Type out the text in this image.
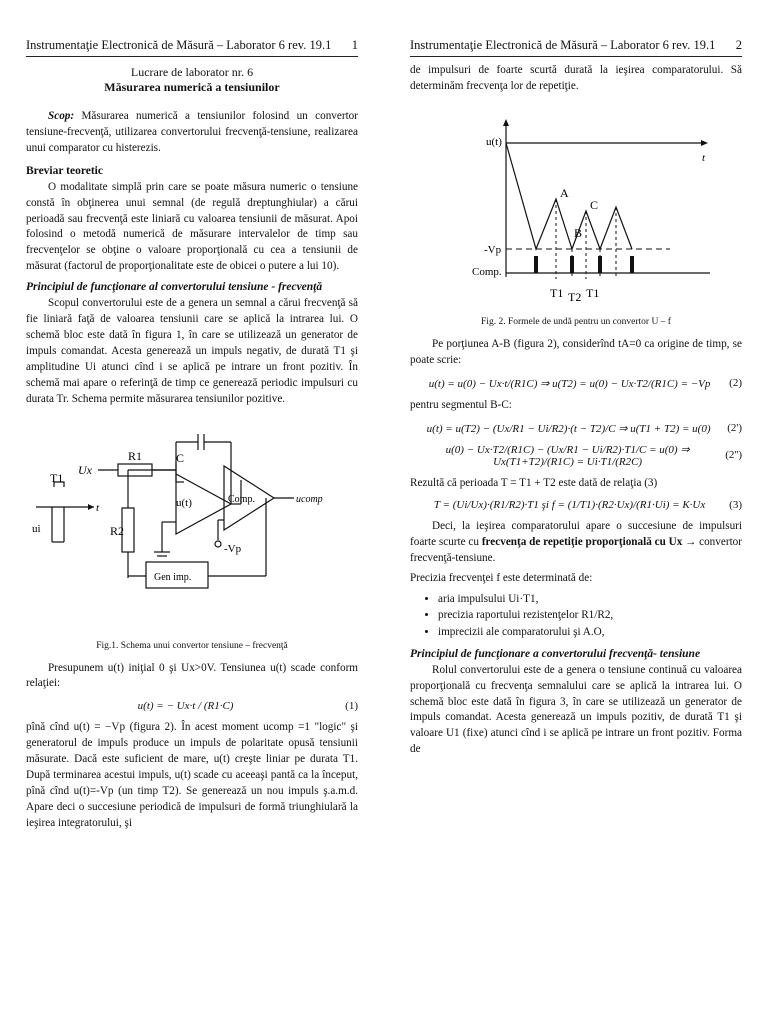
Instrumentaţie Electronică de Măsură – Laborator 6 rev. 19.1 1
Lucrare de laborator nr. 6
Măsurarea numerică a tensiunilor

Scop: Măsurarea numerică a tensiunilor folosind un convertor tensiune-frecvenţă, utilizarea convertorului frecvenţă-tensiune, realizarea unui comparator cu histerezis.

Breviar teoretic

O modalitate simplă prin care se poate măsura numeric o tensiune constă în obţinerea unui semnal (de regulă dreptunghiular) a cărui perioadă sau frecvenţă este liniară cu valoarea tensiunii de măsurat. Apoi folosind o metodă numerică de măsurare intervalelor de timp sau frecvenţelor se obţine o valoare proporţională cu cea a tensiunii de măsurat (factorul de proporţionalitate este de obicei o putere a lui 10).

Principiul de funcţionare al convertorului tensiune - frecvenţă

Scopul convertorului este de a genera un semnal a cărui frecvenţă să fie liniară faţă de valoarea tensiunii care se aplică la intrarea lui. O schemă bloc este dată în figura 1, în care se utilizează un generator de impuls comandat. Acesta generează un impuls negativ, de durată T1 şi amplitudine Ui atunci cînd i se aplică pe intrare un front pozitiv. În schemă mai apare o referinţă de timp ce generează periodic impulsuri cu durata Tr. Schema permite măsurarea tensiunilor pozitive.

Ux
R1	C
R2
T1
t
ui
u(t)	Comp.	ucomp
-Vp
Gen imp.
Fig.1. Schema unui convertor tensiune – frecvenţă

Presupunem u(t) iniţial 0 şi Ux>0V. Tensiunea u(t) scade conform relaţiei:

u(t) = − Ux·t / (R1·C)	(1)

pînă cînd u(t) = −Vp (figura 2). În acest moment ucomp =1 "logic" şi generatorul de impuls produce un impuls de polaritate opusă tensiunii măsurate. Dacă este suficient de mare, u(t) creşte liniar pe durata T1. După terminarea acestui impuls, u(t) scade cu aceeaşi pantă ca la început, pînă cînd u(t)=-Vp (un timp T2). Se generează un nou impuls ş.a.m.d. Apare deci o succesiune periodică de impulsuri de formă triunghiulară la ieşirea integratorului, şi

Instrumentaţie Electronică de Măsură – Laborator 6 rev. 19.1 2

de impulsuri de foarte scurtă durată la ieşirea comparatorului. Să determinăm frecvenţa lor de repetiţie.

u(t)
t
A
B
C
-Vp
Comp.
T1 T2 T1
Fig. 2. Formele de undă pentru un convertor U – f

Pe porţiunea A-B (figura 2), considerînd tA=0 ca origine de timp, se poate scrie:

u(t) = u(0) − Ux·t/(R1C) ⇒ u(T2) = u(0) − Ux·T2/(R1C) = −Vp	(2)

pentru segmentul B-C:

u(t) = u(T2) − (Ux/R1 − Ui/R2)·(t − T2)/C ⇒ u(T1 + T2) = u(0)	(2')
u(0) − Ux·T2/(R1C) − (Ux/R1 − Ui/R2)·T1/C = u(0) ⇒ Ux(T1+T2)/(R1C) = Ui·T1/(R2C)
(2'')

Rezultă că perioada T = T1 + T2 este dată de relaţia (3)

T = (Ui/Ux)·(R1/R2)·T1 şi f = (1/T1)·(R2·Ux)/(R1·Ui) = K·Ux	(3)

Deci, la ieşirea comparatorului apare o succesiune de impulsuri foarte scurte cu frecvenţa de repetiţie proporţională cu Ux → convertor frecvenţă-tensiune.

Precizia frecvenţei f este determinată de:

• aria impulsului Ui·T1,
• precizia raportului rezistenţelor R1/R2,
• imprecizii ale comparatorului şi A.O,
Principiul de funcţionare a convertorului frecvenţă- tensiune

Rolul convertorului este de a genera o tensiune continuă cu valoarea proporţională cu frecvenţa semnalului care se aplică la intrarea lui. O schemă bloc este dată în figura 3, în care se utilizează un generator de impuls comandat. Acesta generează un impuls pozitiv, de durată T1 şi valoare U1 (fixe) atunci cînd i se aplică pe intrare un front pozitiv. Forma de
